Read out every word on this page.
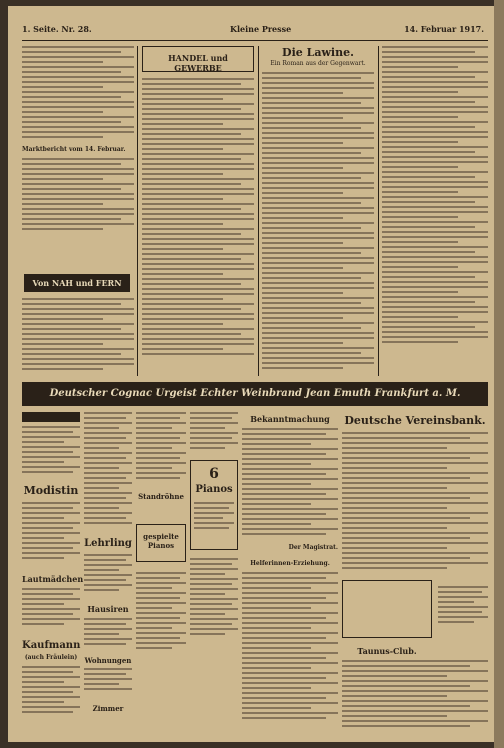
1. Seite. Nr. 28.	Kleine Presse	14. Februar 1917.
Marktbericht vom 14. Februar.
Von NAH und FERN
HANDEL und GEWERBE
Die Lawine.
Ein Roman aus der Gegenwart.
Deutscher Cognac Urgeist Echter Weinbrand Jean Emuth Frankfurt a. M.
Modistin
Lautmädchen
Kaufmann
(auch Fräulein)
Lehrling
Hausiren
Wohnungen
Zimmer
Standröhne
gespielte Pianos
6
Pianos
Bekanntmachung
Der Magistrat.
Helferinnen-Erziehung.
Deutsche Vereinsbank.
Taunus-Club.
